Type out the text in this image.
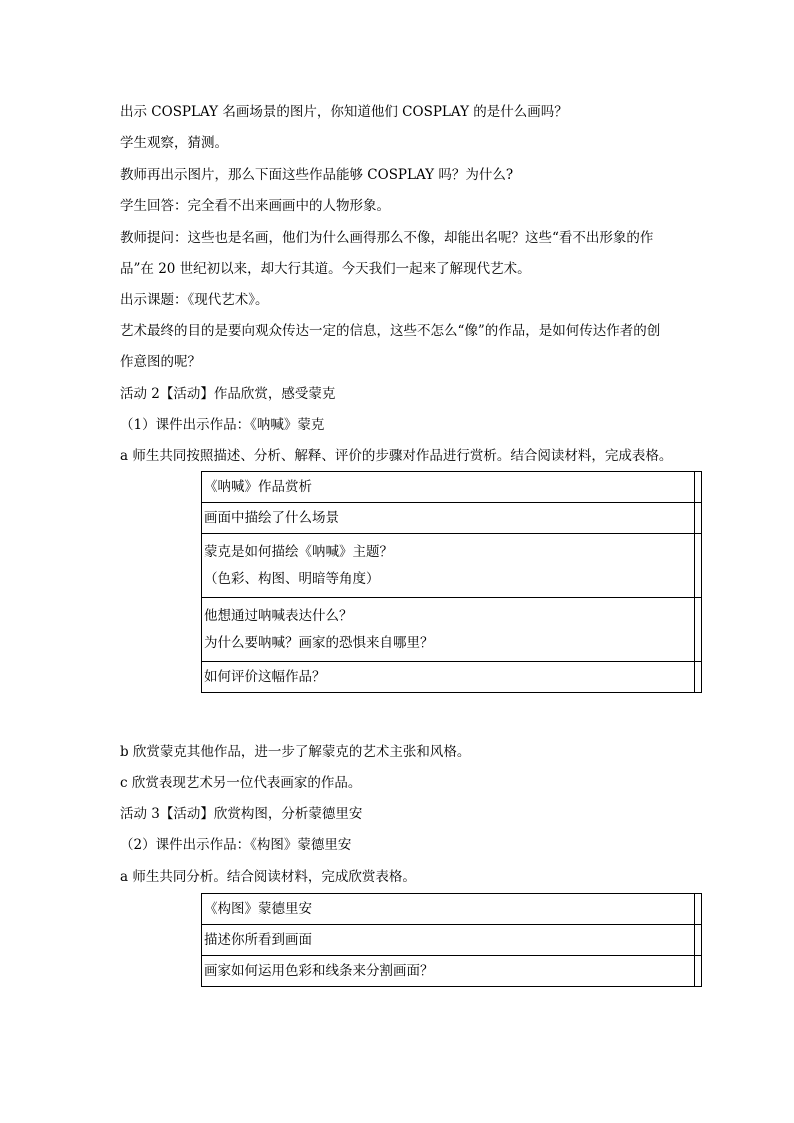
出示 COSPLAY 名画场景的图片，你知道他们 COSPLAY 的是什么画吗？
学生观察，猜测。
教师再出示图片，那么下面这些作品能够 COSPLAY 吗？为什么?
学生回答：完全看不出来画画中的人物形象。
教师提问：这些也是名画，他们为什么画得那么不像，却能出名呢？这些“看不出形象的作
品”在 20 世纪初以来，却大行其道。今天我们一起来了解现代艺术。
出示课题：《现代艺术》。
艺术最终的目的是要向观众传达一定的信息，这些不怎么“像”的作品，是如何传达作者的创
作意图的呢？
活动 2【活动】作品欣赏，感受蒙克
（1）课件出示作品：《呐喊》蒙克
a 师生共同按照描述、分析、解释、评价的步骤对作品进行赏析。结合阅读材料，完成表格。
《呐喊》作品赏析	
画面中描绘了什么场景	

蒙克是如何描绘《呐喊》主题？
（色彩、构图、明暗等角度）	

他想通过呐喊表达什么？
为什么要呐喊？画家的恐惧来自哪里？	

如何评价这幅作品？	
b 欣赏蒙克其他作品，进一步了解蒙克的艺术主张和风格。
c 欣赏表现艺术另一位代表画家的作品。
活动 3【活动】欣赏构图，分析蒙德里安
（2）课件出示作品：《构图》蒙德里安
a 师生共同分析。结合阅读材料，完成欣赏表格。
《构图》蒙德里安	
描述你所看到画面	
画家如何运用色彩和线条来分割画面？	
